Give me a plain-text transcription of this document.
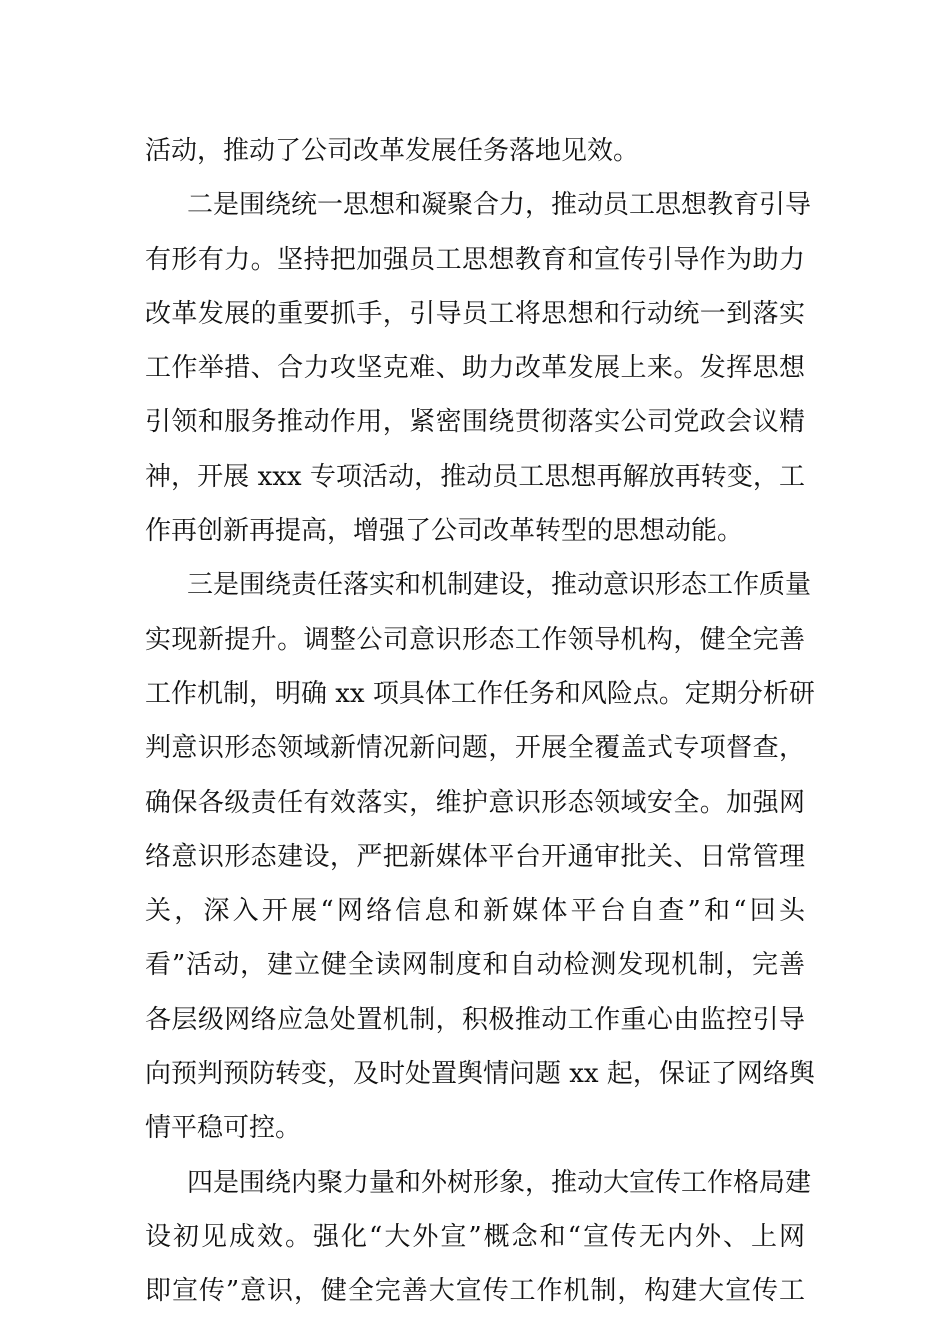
活动，推动了公司改革发展任务落地见效。
二是围绕统一思想和凝聚合力，推动员工思想教育引导
有形有力。坚持把加强员工思想教育和宣传引导作为助力
改革发展的重要抓手，引导员工将思想和行动统一到落实
工作举措、合力攻坚克难、助力改革发展上来。发挥思想
引领和服务推动作用，紧密围绕贯彻落实公司党政会议精
神，开展 xxx 专项活动，推动员工思想再解放再转变，工
作再创新再提高，增强了公司改革转型的思想动能。
三是围绕责任落实和机制建设，推动意识形态工作质量
实现新提升。调整公司意识形态工作领导机构，健全完善
工作机制，明确 xx 项具体工作任务和风险点。定期分析研
判意识形态领域新情况新问题，开展全覆盖式专项督查，
确保各级责任有效落实，维护意识形态领域安全。加强网
络意识形态建设，严把新媒体平台开通审批关、日常管理
关，深入开展“网络信息和新媒体平台自查”和“回头
看”活动，建立健全读网制度和自动检测发现机制，完善
各层级网络应急处置机制，积极推动工作重心由监控引导
向预判预防转变，及时处置舆情问题 xx 起，保证了网络舆
情平稳可控。
四是围绕内聚力量和外树形象，推动大宣传工作格局建
设初见成效。强化“大外宣”概念和“宣传无内外、上网
即宣传”意识，健全完善大宣传工作机制，构建大宣传工
